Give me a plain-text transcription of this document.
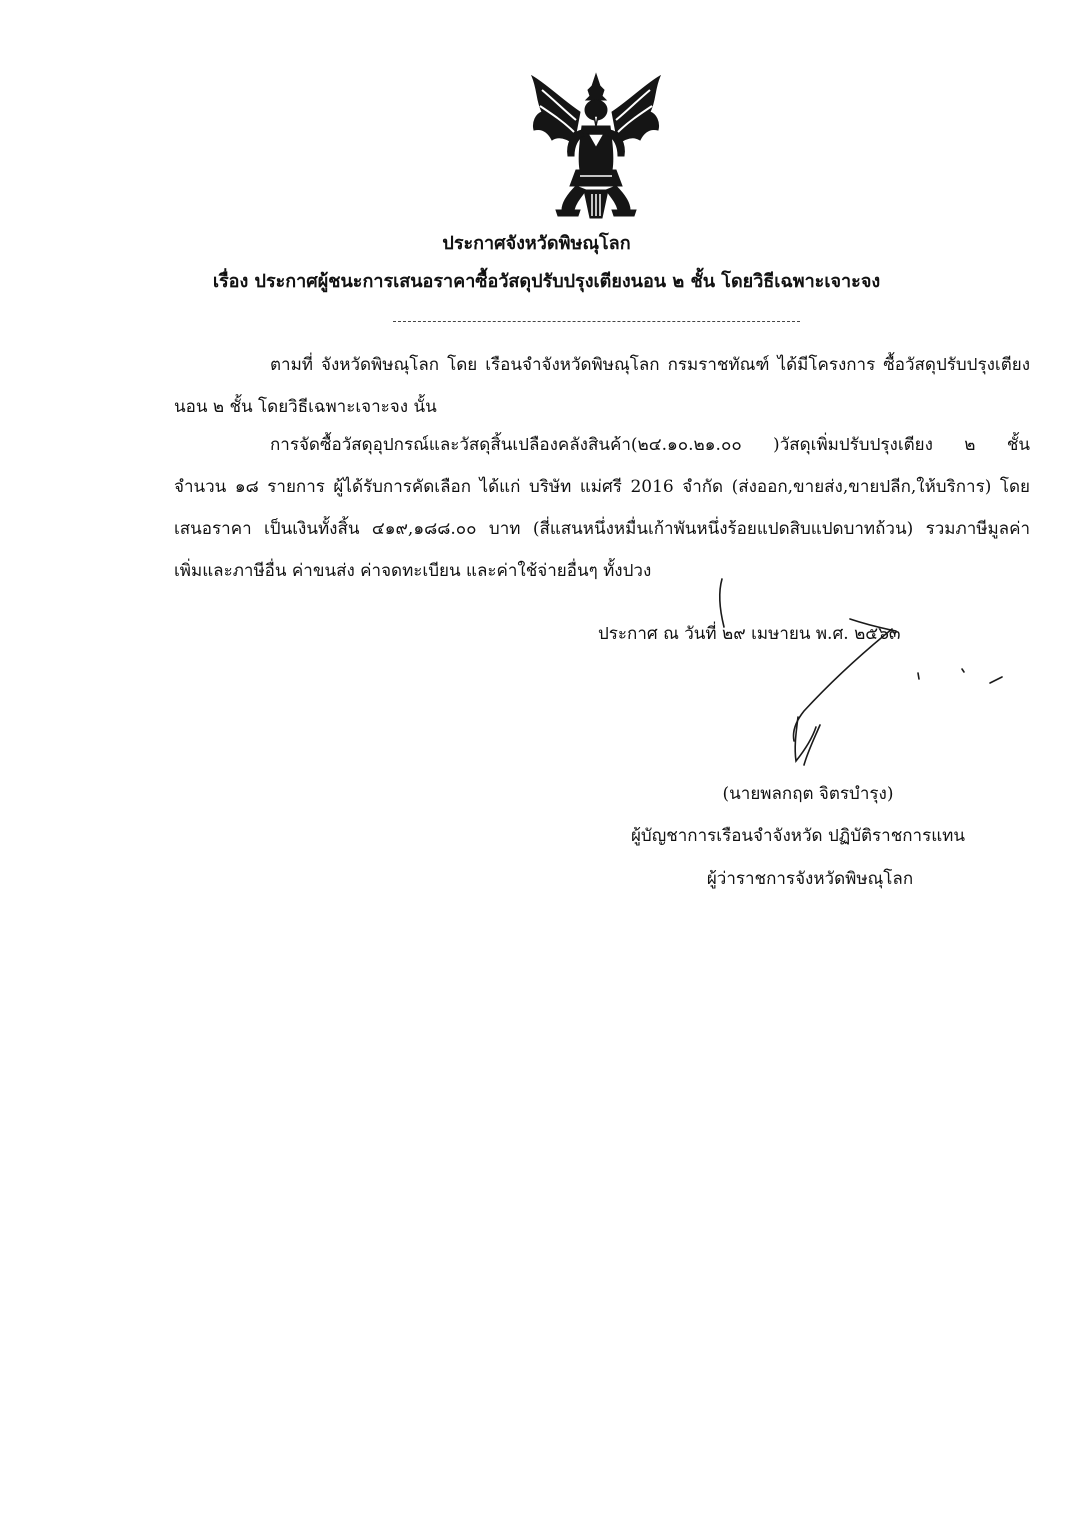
ประกาศจังหวัดพิษณุโลก
เรื่อง ประกาศผู้ชนะการเสนอราคาซื้อวัสดุปรับปรุงเตียงนอน ๒ ชั้น โดยวิธีเฉพาะเจาะจง
ตามที่ จังหวัดพิษณุโลก โดย เรือนจำจังหวัดพิษณุโลก กรมราชทัณฑ์ ได้มีโครงการ ซื้อวัสดุปรับปรุงเตียง
นอน ๒ ชั้น โดยวิธีเฉพาะเจาะจง นั้น
การจัดซื้อวัสดุอุปกรณ์และวัสดุสิ้นเปลืองคลังสินค้า(๒๔.๑๐.๒๑.๐๐ )วัสดุเพิ่มปรับปรุงเตียง ๒ ชั้น
จำนวน ๑๘ รายการ ผู้ได้รับการคัดเลือก ได้แก่ บริษัท แม่ศรี 2016 จำกัด (ส่งออก,ขายส่ง,ขายปลีก,ให้บริการ) โดย
เสนอราคา เป็นเงินทั้งสิ้น ๔๑๙,๑๘๘.๐๐ บาท (สี่แสนหนึ่งหมื่นเก้าพันหนึ่งร้อยแปดสิบแปดบาทถ้วน) รวมภาษีมูลค่า
เพิ่มและภาษีอื่น ค่าขนส่ง ค่าจดทะเบียน และค่าใช้จ่ายอื่นๆ ทั้งปวง
ประกาศ ณ วันที่ ๒๙ เมษายน พ.ศ. ๒๕๖๓
(นายพลกฤต จิตรบำรุง)
ผู้บัญชาการเรือนจำจังหวัด ปฏิบัติราชการแทน
ผู้ว่าราชการจังหวัดพิษณุโลก
